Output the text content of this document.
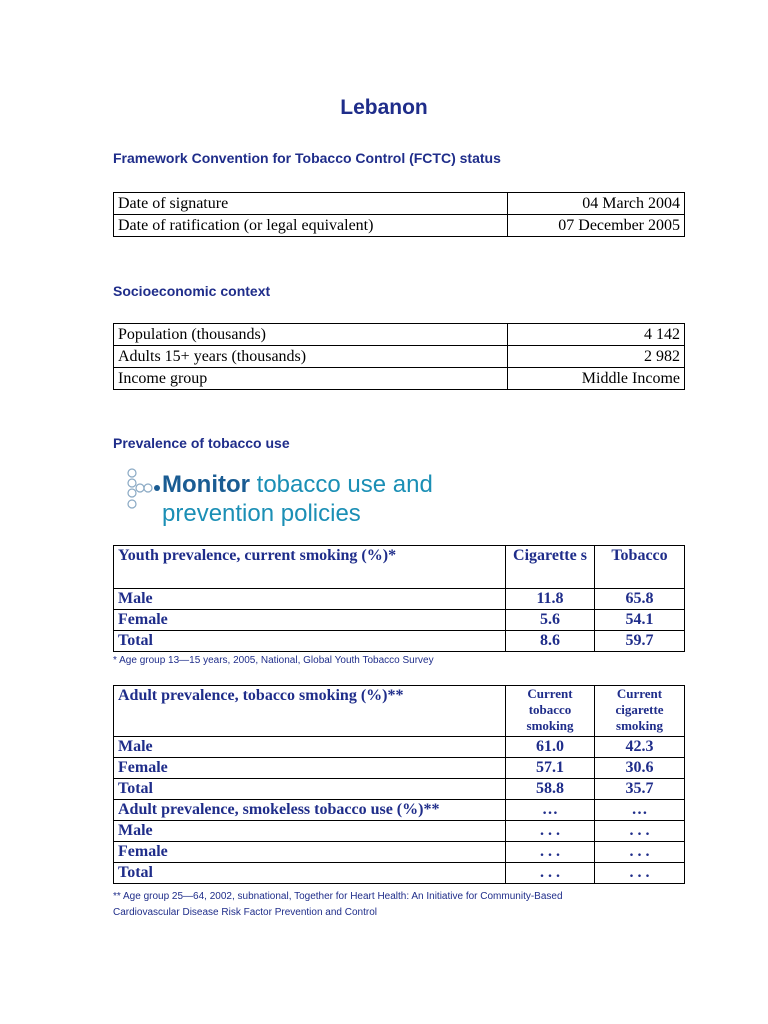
Lebanon
Framework Convention for Tobacco Control (FCTC) status
Date of signature	04 March 2004
Date of ratification (or legal equivalent)	07 December 2005
Socioeconomic context
Population (thousands)	4 142
Adults 15+ years (thousands)	2 982
Income group	Middle Income
Prevalence of tobacco use
Monitor tobacco use and
prevention policies
Youth prevalence, current smoking (%)*	Cigarette s	Tobacco
Male	11.8	65.8
Female	5.6	54.1
Total	8.6	59.7
* Age group 13—15 years, 2005, National, Global Youth Tobacco Survey
Adult prevalence, tobacco smoking (%)**	Current tobacco smoking	Current cigarette smoking
Male	61.0	42.3
Female	57.1	30.6
Total	58.8	35.7
Adult prevalence, smokeless tobacco use (%)**	…	…
Male	. . .	. . .
Female	. . .	. . .
Total	. . .	. . .
** Age group 25—64, 2002, subnational, Together for Heart Health: An Initiative for Community-Based
Cardiovascular Disease Risk Factor Prevention and Control
